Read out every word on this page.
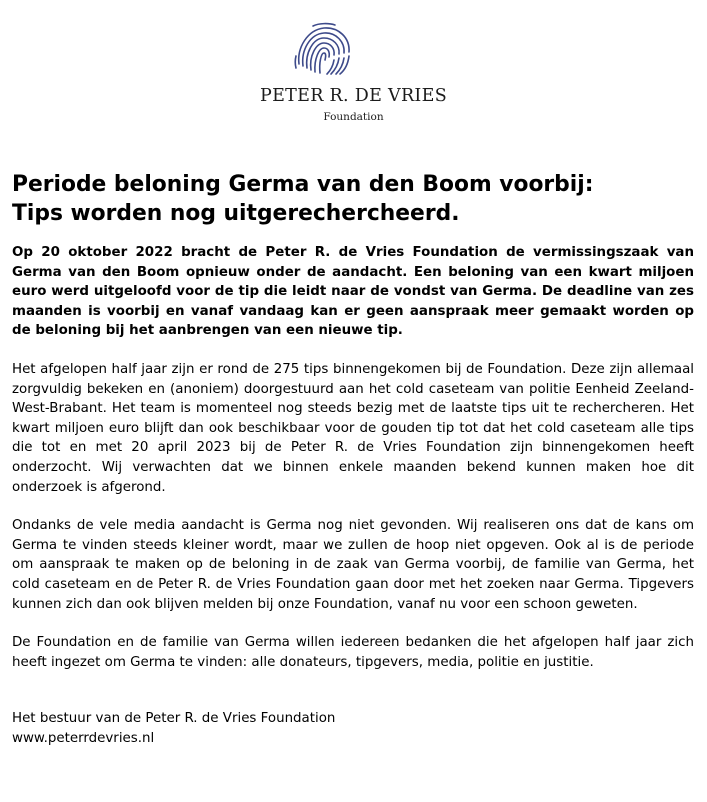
PETER R. DE VRIES
Foundation
Periode beloning Germa van den Boom voorbij:
Tips worden nog uitgerechercheerd.

Op 20 oktober 2022 bracht de Peter R. de Vries Foundation de vermissingszaak van Germa van den Boom opnieuw onder de aandacht. Een beloning van een kwart miljoen euro werd uitgeloofd voor de tip die leidt naar de vondst van Germa. De deadline van zes maanden is voorbij en vanaf vandaag kan er geen aanspraak meer gemaakt worden op de beloning bij het aanbrengen van een nieuwe tip.

Het afgelopen half jaar zijn er rond de 275 tips binnengekomen bij de Foundation. Deze zijn allemaal zorgvuldig bekeken en (anoniem) doorgestuurd aan het cold caseteam van politie Eenheid Zeeland-West-Brabant. Het team is momenteel nog steeds bezig met de laatste tips uit te rechercheren. Het kwart miljoen euro blijft dan ook beschikbaar voor de gouden tip tot dat het cold caseteam alle tips die tot en met 20 april 2023 bij de Peter R. de Vries Foundation zijn binnengekomen heeft onderzocht. Wij verwachten dat we binnen enkele maanden bekend kunnen maken hoe dit onderzoek is afgerond.

Ondanks de vele media aandacht is Germa nog niet gevonden. Wij realiseren ons dat de kans om Germa te vinden steeds kleiner wordt, maar we zullen de hoop niet opgeven. Ook al is de periode om aanspraak te maken op de beloning in de zaak van Germa voorbij, de familie van Germa, het cold caseteam en de Peter R. de Vries Foundation gaan door met het zoeken naar Germa. Tipgevers kunnen zich dan ook blijven melden bij onze Foundation, vanaf nu voor een schoon geweten.

De Foundation en de familie van Germa willen iedereen bedanken die het afgelopen half jaar zich heeft ingezet om Germa te vinden: alle donateurs, tipgevers, media, politie en justitie.

Het bestuur van de Peter R. de Vries Foundation
www.peterrdevries.nl
